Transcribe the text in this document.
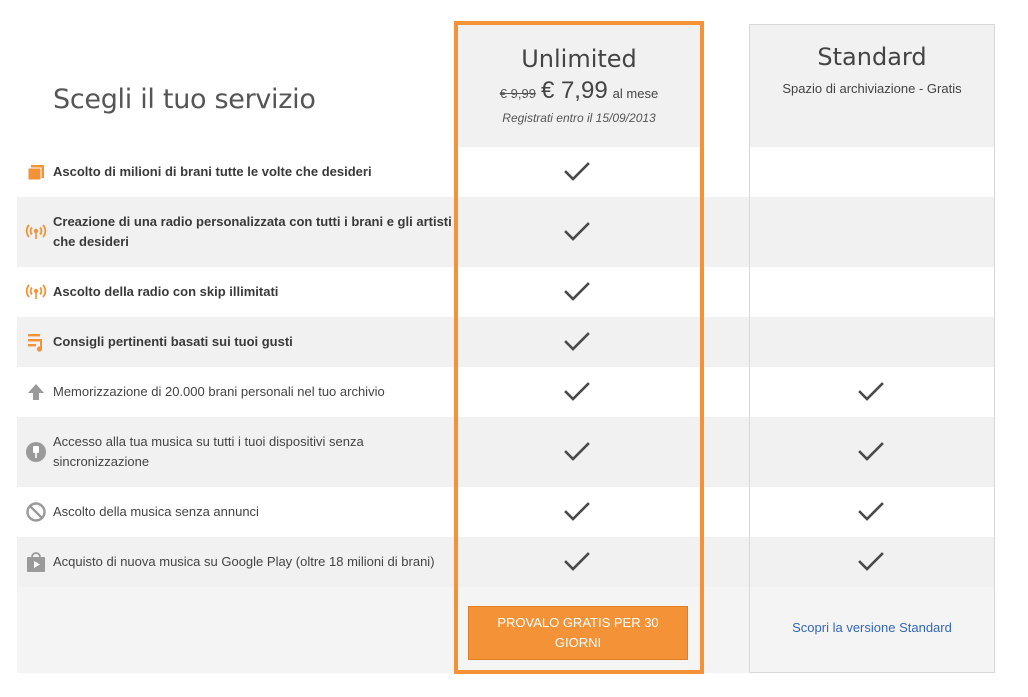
Scegli il tuo servizio
Ascolto di milioni di brani tutte le volte che desideri
Creazione di una radio personalizzata con tutti i brani e gli artisti che desideri
Ascolto della radio con skip illimitati
Consigli pertinenti basati sui tuoi gusti
Memorizzazione di 20.000 brani personali nel tuo archivio
Accesso alla tua musica su tutti i tuoi dispositivi senza sincronizzazione
Ascolto della musica senza annunci
Acquisto di nuova musica su Google Play (oltre 18 milioni di brani)
Standard
Spazio di archiviazione - Gratis
Scopri la versione Standard
Unlimited
€ 9,99 € 7,99 al mese
Registrati entro il 15/09/2013
PROVALO GRATIS PER 30 GIORNI
